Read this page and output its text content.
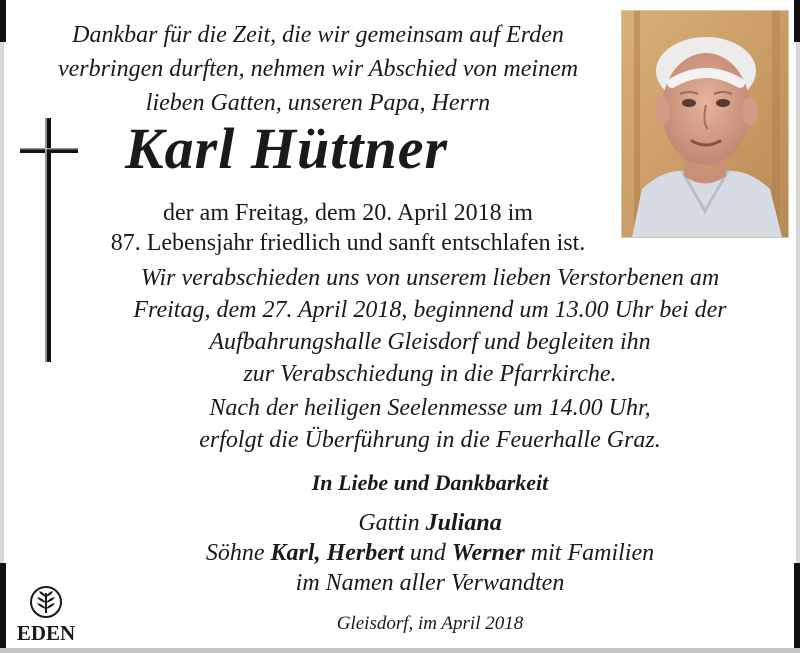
Dankbar für die Zeit, die wir gemeinsam auf Erden
verbringen durften, nehmen wir Abschied von meinem
lieben Gatten, unseren Papa, Herrn
Karl Hüttner
der am Freitag, dem 20. April 2018 im
87. Lebensjahr friedlich und sanft entschlafen ist.
Wir verabschieden uns von unserem lieben Verstorbenen am
Freitag, dem 27. April 2018, beginnend um 13.00 Uhr bei der
Aufbahrungshalle Gleisdorf und begleiten ihn
zur Verabschiedung in die Pfarrkirche.
Nach der heiligen Seelenmesse um 14.00 Uhr,
erfolgt die Überführung in die Feuerhalle Graz.
In Liebe und Dankbarkeit
Gattin Juliana
Söhne Karl, Herbert und Werner mit Familien
im Namen aller Verwandten
Gleisdorf, im April 2018
EDEN
